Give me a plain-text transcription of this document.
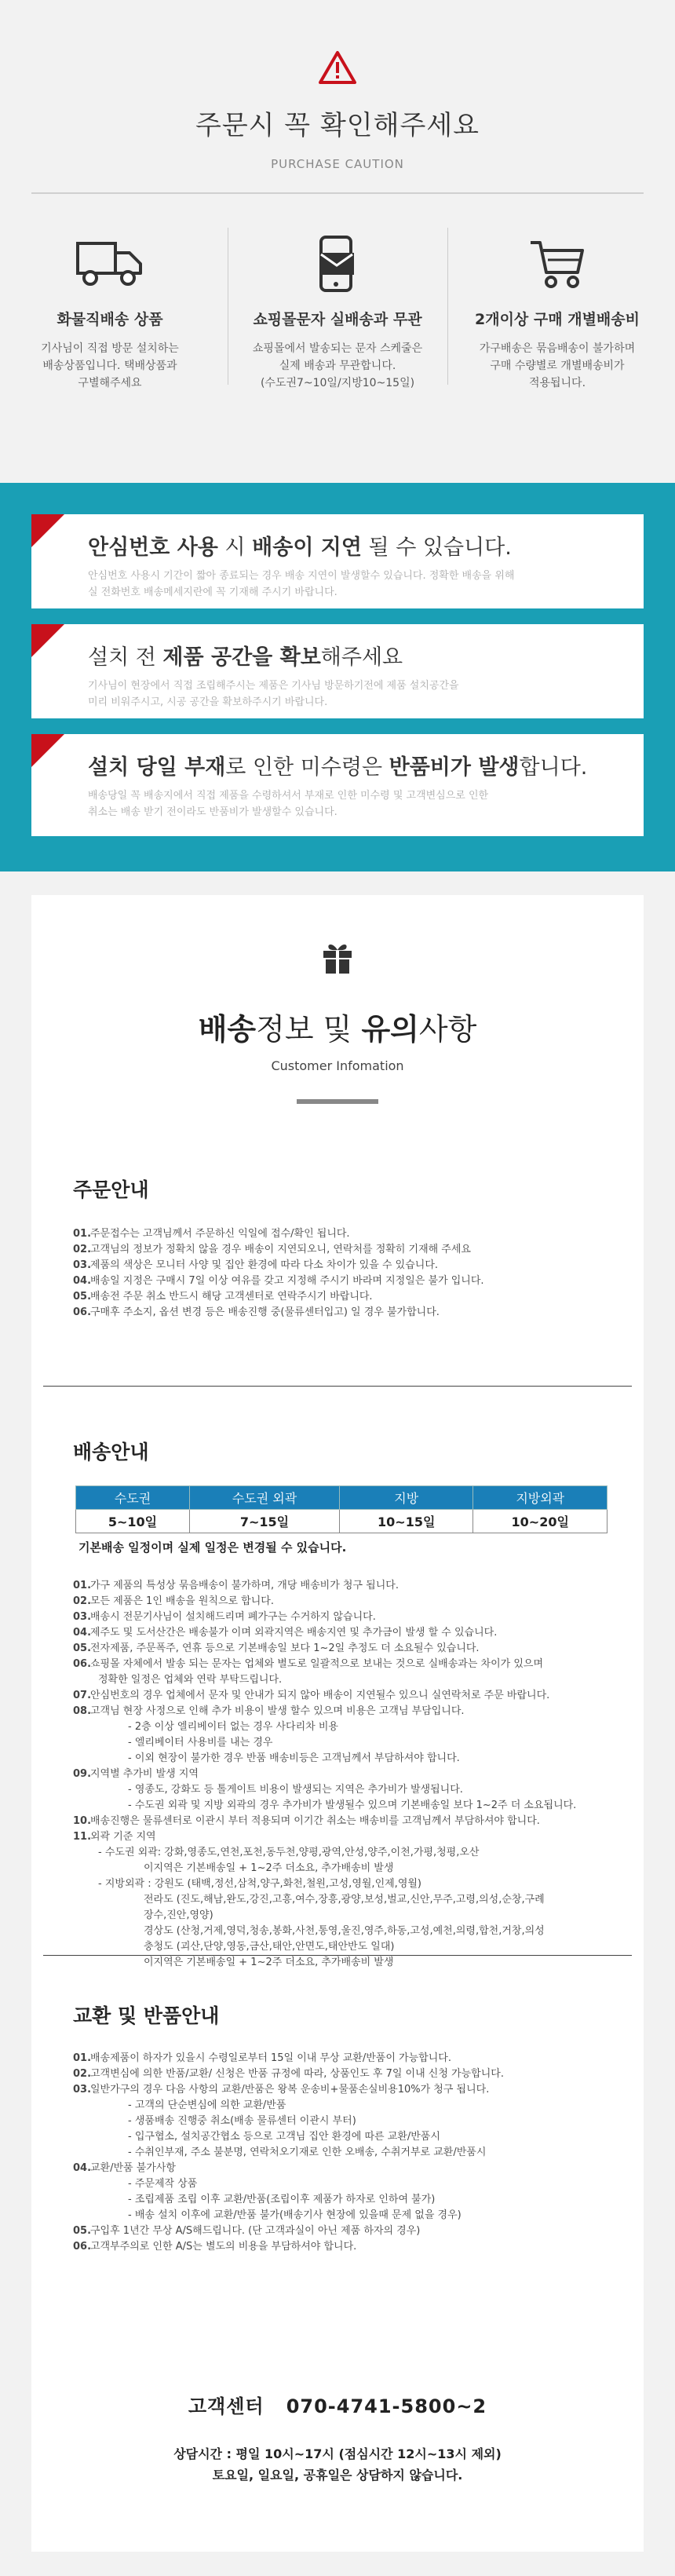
주문시 꼭 확인해주세요
PURCHASE CAUTION
화물직배송 상품

기사님이 직접 방문 설치하는
배송상품입니다. 택배상품과
구별해주세요

쇼핑몰문자 실배송과 무관

쇼핑몰에서 발송되는 문자 스케줄은
실제 배송과 무관합니다.
(수도권7~10일/지방10~15일)

2개이상 구매 개별배송비

가구배송은 묶음배송이 불가하며
구매 수량별로 개별배송비가
적용됩니다.

안심번호 사용 시 배송이 지연 될 수 있습니다.

안심번호 사용시 기간이 짧아 종료되는 경우 배송 지연이 발생할수 있습니다. 정확한 배송을 위해
실 전화번호 배송메세지란에 꼭 기재해 주시기 바랍니다.

설치 전 제품 공간을 확보해주세요

기사님이 현장에서 직접 조립해주시는 제품은 기사님 방문하기전에 제품 설치공간을
미리 비워주시고, 시공 공간을 확보하주시기 바랍니다.

설치 당일 부재로 인한 미수령은 반품비가 발생합니다.

배송당일 꼭 배송지에서 직접 제품을 수령하셔서 부재로 인한 미수령 및 고객변심으로 인한
취소는 배송 받기 전이라도 반품비가 발생할수 있습니다.

배송정보 및 유의사항
Customer Infomation
주문안내
01.
주문접수는 고객님께서 주문하신 익일에 접수/확인 됩니다.
02.
고객님의 정보가 정확치 않을 경우 배송이 지연되오니, 연락처를 정확히 기재해 주세요
03.
제품의 색상은 모니터 사양 및 집안 환경에 따라 다소 차이가 있을 수 있습니다.
04.
배송일 지정은 구매시 7일 이상 여유를 갖고 지정해 주시기 바라며 지정일은 불가 입니다.
05.
배송전 주문 취소 반드시 해당 고객센터로 연락주시기 바랍니다.
06.
구매후 주소지, 옵션 변경 등은 배송진행 중(물류센터입고) 일 경우 불가합니다.
배송안내
수도권	수도권 외곽	지방	지방외곽
5~10일	7~15일	10~15일	10~20일
기본배송 일정이며 실제 일정은 변경될 수 있습니다.
01.
가구 제품의 특성상 묶음배송이 불가하며, 개당 배송비가 청구 됩니다.
02.
모든 제품은 1인 배송을 원칙으로 합니다.
03.
배송시 전문기사님이 설치해드리며 폐가구는 수거하지 않습니다.
04.
제주도 및 도서산간은 배송불가 이며 외곽지역은 배송지연 및 추가금이 발생 할 수 있습니다.
05.
전자제품, 주문폭주, 연휴 등으로 기본배송일 보다 1~2일 추정도 더 소요될수 있습니다.
06.
쇼핑몰 자체에서 발송 되는 문자는 업체와 별도로 일괄적으로 보내는 것으로 실배송과는 차이가 있으며
정확한 일정은 업체와 연락 부탁드립니다.
07.
안심번호의 경우 업체에서 문자 및 안내가 되지 않아 배송이 지연될수 있으니 실연락처로 주문 바랍니다.
08.
고객님 현장 사정으로 인해 추가 비용이 발생 할수 있으며 비용은 고객님 부담입니다.
- 2층 이상 엘리베이터 없는 경우 사다리차 비용
- 엘리베이터 사용비를 내는 경우
- 이외 현장이 불가한 경우 반품 배송비등은 고객님께서 부담하셔야 합니다.
09.
지역별 추가비 발생 지역
- 영종도, 강화도 등 톨게이트 비용이 발생되는 지역은 추가비가 발생됩니다.
- 수도권 외곽 및 지방 외곽의 경우 추가비가 발생될수 있으며 기본배송일 보다 1~2주 더 소요됩니다.
10.
배송진행은 물류센터로 이관시 부터 적용되며 이기간 취소는 배송비를 고객님께서 부담하셔야 합니다.
11.
외곽 기준 지역
- 수도권 외곽: 강화,영종도,연천,포천,동두천,양평,광역,안성,양주,이천,가평,청평,오산
이지역은 기본배송일 + 1~2주 더소요, 추가배송비 발생
- 지방외곽 : 강원도 (태백,정선,삼척,양구,화천,철원,고성,영월,인제,영월)
전라도 (진도,해남,완도,강진,고흥,여수,장흥,광양,보성,벌교,신안,무주,고령,의성,순창,구례
장수,진안,영양)
경상도 (산청,거제,영덕,청송,봉화,사천,통영,울진,영주,하동,고성,예천,의령,합천,거창,의성
충청도 (괴산,단양,영동,금산,태안,안면도,태안반도 일대)
이지역은 기본배송일 + 1~2주 더소요, 추가배송비 발생
교환 및 반품안내
01.
배송제품이 하자가 있을시 수령일로부터 15일 이내 무상 교환/반품이 가능합니다.
02.
고객변심에 의한 반품/교환/ 신청은 반품 규정에 따라, 상품인도 후 7일 이내 신청 가능합니다.
03.
일반가구의 경우 다음 사항의 교환/반품은 왕복 운송비+물품손실비용10%가 청구 됩니다.
- 고객의 단순변심에 의한 교환/반품
- 생품배송 진행중 취소(배송 물류센터 이관시 부터)
- 입구협소, 설치공간협소 등으로 고객님 집안 환경에 따른 교환/반품시
- 수취인부재, 주소 불분명, 연락처오기재로 인한 오배송, 수취거부로 교환/반품시
04.
교환/반품 불가사항
- 주문제작 상품
- 조립제품 조립 이후 교환/반품(조립이후 제품가 하자로 인하여 불가)
- 배송 설치 이후에 교환/반품 불가(배송기사 현장에 있을때 문제 없을 경우)
05.
구입후 1년간 무상 A/S해드립니다. (단 고객과실이 아닌 제품 하자의 경우)
06.
고객부주의로 인한 A/S는 별도의 비용을 부담하셔야 합니다.
고객센터 070-4741-5800~2
상담시간 : 평일 10시~17시 (점심시간 12시~13시 제외)
토요일, 일요일, 공휴일은 상담하지 않습니다.
